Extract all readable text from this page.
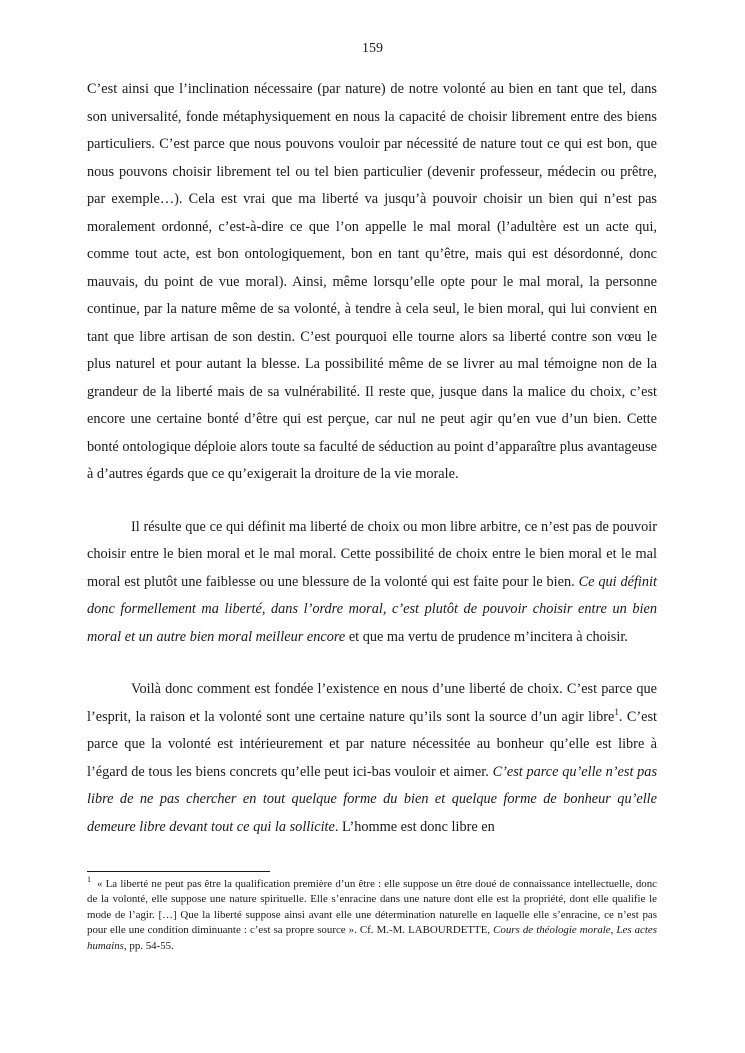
159

C’est ainsi que l’inclination nécessaire (par nature) de notre volonté au bien en tant que tel, dans son universalité, fonde métaphysiquement en nous la capacité de choisir librement entre des biens particuliers. C’est parce que nous pouvons vouloir par nécessité de nature tout ce qui est bon, que nous pouvons choisir librement tel ou tel bien particulier (devenir professeur, médecin ou prêtre, par exemple…). Cela est vrai que ma liberté va jusqu’à pouvoir choisir un bien qui n’est pas moralement ordonné, c’est-à-dire ce que l’on appelle le mal moral (l’adultère est un acte qui, comme tout acte, est bon ontologiquement, bon en tant qu’être, mais qui est désordonné, donc mauvais, du point de vue moral). Ainsi, même lorsqu’elle opte pour le mal moral, la personne continue, par la nature même de sa volonté, à tendre à cela seul, le bien moral, qui lui convient en tant que libre artisan de son destin. C’est pourquoi elle tourne alors sa liberté contre son vœu le plus naturel et pour autant la blesse. La possibilité même de se livrer au mal témoigne non de la grandeur de la liberté mais de sa vulnérabilité. Il reste que, jusque dans la malice du choix, c’est encore une certaine bonté d’être qui est perçue, car nul ne peut agir qu’en vue d’un bien. Cette bonté ontologique déploie alors toute sa faculté de séduction au point d’apparaître plus avantageuse à d’autres égards que ce qu’exigerait la droiture de la vie morale.

Il résulte que ce qui définit ma liberté de choix ou mon libre arbitre, ce n’est pas de pouvoir choisir entre le bien moral et le mal moral. Cette possibilité de choix entre le bien moral et le mal moral est plutôt une faiblesse ou une blessure de la volonté qui est faite pour le bien. Ce qui définit donc formellement ma liberté, dans l’ordre moral, c’est plutôt de pouvoir choisir entre un bien moral et un autre bien moral meilleur encore et que ma vertu de prudence m’incitera à choisir.

Voilà donc comment est fondée l’existence en nous d’une liberté de choix. C’est parce que l’esprit, la raison et la volonté sont une certaine nature qu’ils sont la source d’un agir libre$^1$. C’est parce que la volonté est intérieurement et par nature nécessitée au bonheur qu’elle est libre à l’égard de tous les biens concrets qu’elle peut ici-bas vouloir et aimer. C’est parce qu’elle n’est pas libre de ne pas chercher en tout quelque forme du bien et quelque forme de bonheur qu’elle demeure libre devant tout ce qui la sollicite. L’homme est donc libre en

$^1$ « La liberté ne peut pas être la qualification première d’un être : elle suppose un être doué de connaissance intellectuelle, donc de la volonté, elle suppose une nature spirituelle. Elle s’enracine dans une nature dont elle est la propriété, dont elle qualifie le mode de l’agir. […] Que la liberté suppose ainsi avant elle une détermination naturelle en laquelle elle s’enracine, ce n’est pas pour elle une condition diminuante : c’est sa propre source ». Cf. M.-M. LABOURDETTE, Cours de théologie morale, Les actes humains, pp. 54-55.
